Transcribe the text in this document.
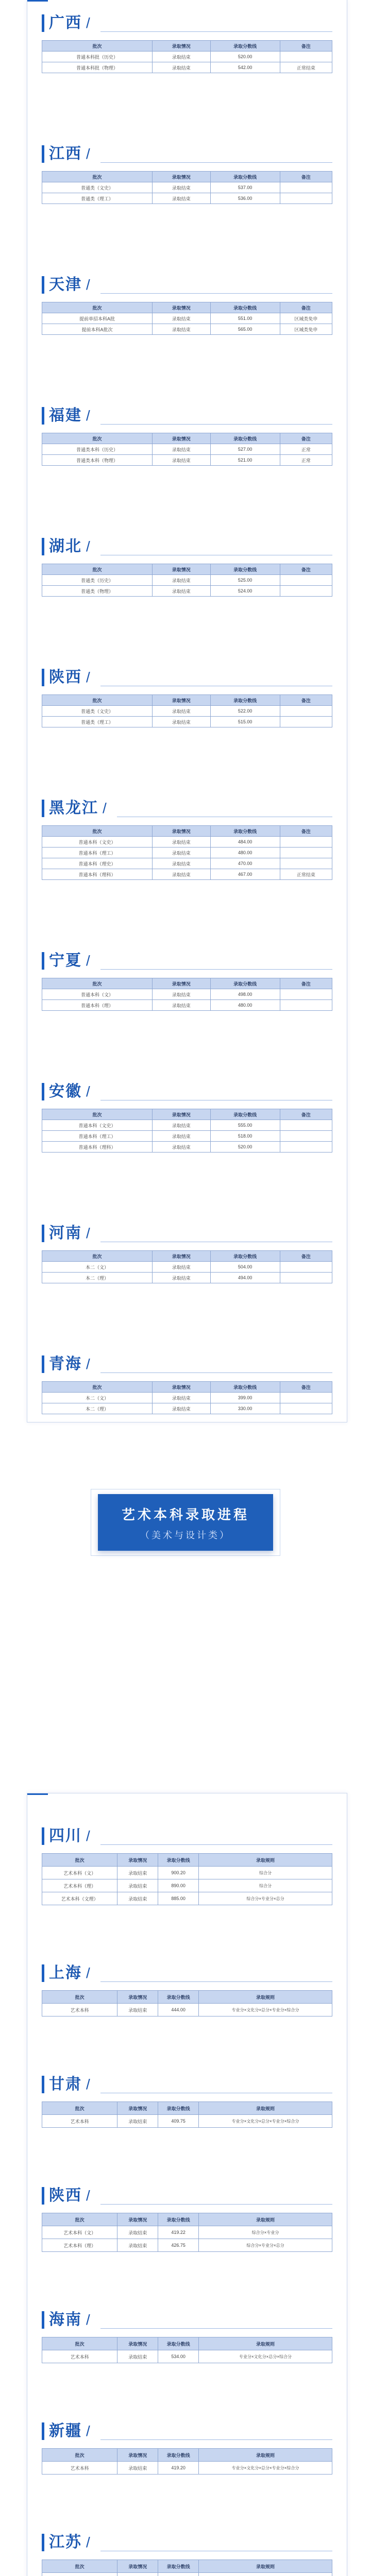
广西 /
批次	录取情况	录取分数线	备注
普通本科批（历史）	录取结束	520.00	
普通本科批（物理）	录取结束	542.00	正常结束
江西 /
批次	录取情况	录取分数线	备注
普通类（文史）	录取结束	537.00	
普通类（理工）	录取结束	536.00	
天津 /
批次	录取情况	录取分数线	备注
提前单招本科A批	录取结束	551.00	区域类免申
提前本科A批次	录取结束	565.00	区域类免申
福建 /
批次	录取情况	录取分数线	备注
普通类本科（历史）	录取结束	527.00	正常
普通类本科（物理）	录取结束	521.00	正常
湖北 /
批次	录取情况	录取分数线	备注
普通类（历史）	录取结束	525.00	
普通类（物理）	录取结束	524.00	
陕西 /
批次	录取情况	录取分数线	备注
普通类（文史）	录取结束	522.00	
普通类（理工）	录取结束	515.00	
黑龙江 /
批次	录取情况	录取分数线	备注
普通本科（文史）	录取结束	484.00	
普通本科（理工）	录取结束	480.00	
普通本科（理史）	录取结束	470.00	
普通本科（理科）	录取结束	467.00	正常结束
宁夏 /
批次	录取情况	录取分数线	备注
普通本科（文）	录取结束	498.00	
普通本科（理）	录取结束	480.00	
安徽 /
批次	录取情况	录取分数线	备注
普通本科（文史）	录取结束	555.00	
普通本科（理工）	录取结束	518.00	
普通本科（理科）	录取结束	520.00	
河南 /
批次	录取情况	录取分数线	备注
本二（文）	录取结束	504.00	
本二（理）	录取结束	494.00	
青海 /
批次	录取情况	录取分数线	备注
本二（文）	录取结束	399.00	
本二（理）	录取结束	330.00	

艺术本科录取进程
（美术与设计类）
四川 /
批次	录取情况	录取分数线	录取规则
艺术本科（文）	录取结束	900.20	综合分
艺术本科（理）	录取结束	890.00	综合分
艺术本科（文理）	录取结束	885.00	综合分×专业分×总分
上海 /
批次	录取情况	录取分数线	录取规则
艺术本科	录取结束	444.00	专业分×文化分×总分×专业分×综合分
甘肃 /
批次	录取情况	录取分数线	录取规则
艺术本科	录取结束	409.75	专业分×文化分×总分×专业分×综合分
陕西 /
批次	录取情况	录取分数线	录取规则
艺术本科（文）	录取结束	419.22	综合分×专业分
艺术本科（理）	录取结束	426.75	综合分×专业分×总分
海南 /
批次	录取情况	录取分数线	录取规则
艺术本科	录取结束	534.00	专业分×文化分×总分×综合分
新疆 /
批次	录取情况	录取分数线	录取规则
艺术本科	录取结束	419.20	专业分×文化分×总分×专业分×综合分
江苏 /
批次	录取情况	录取分数线	录取规则
